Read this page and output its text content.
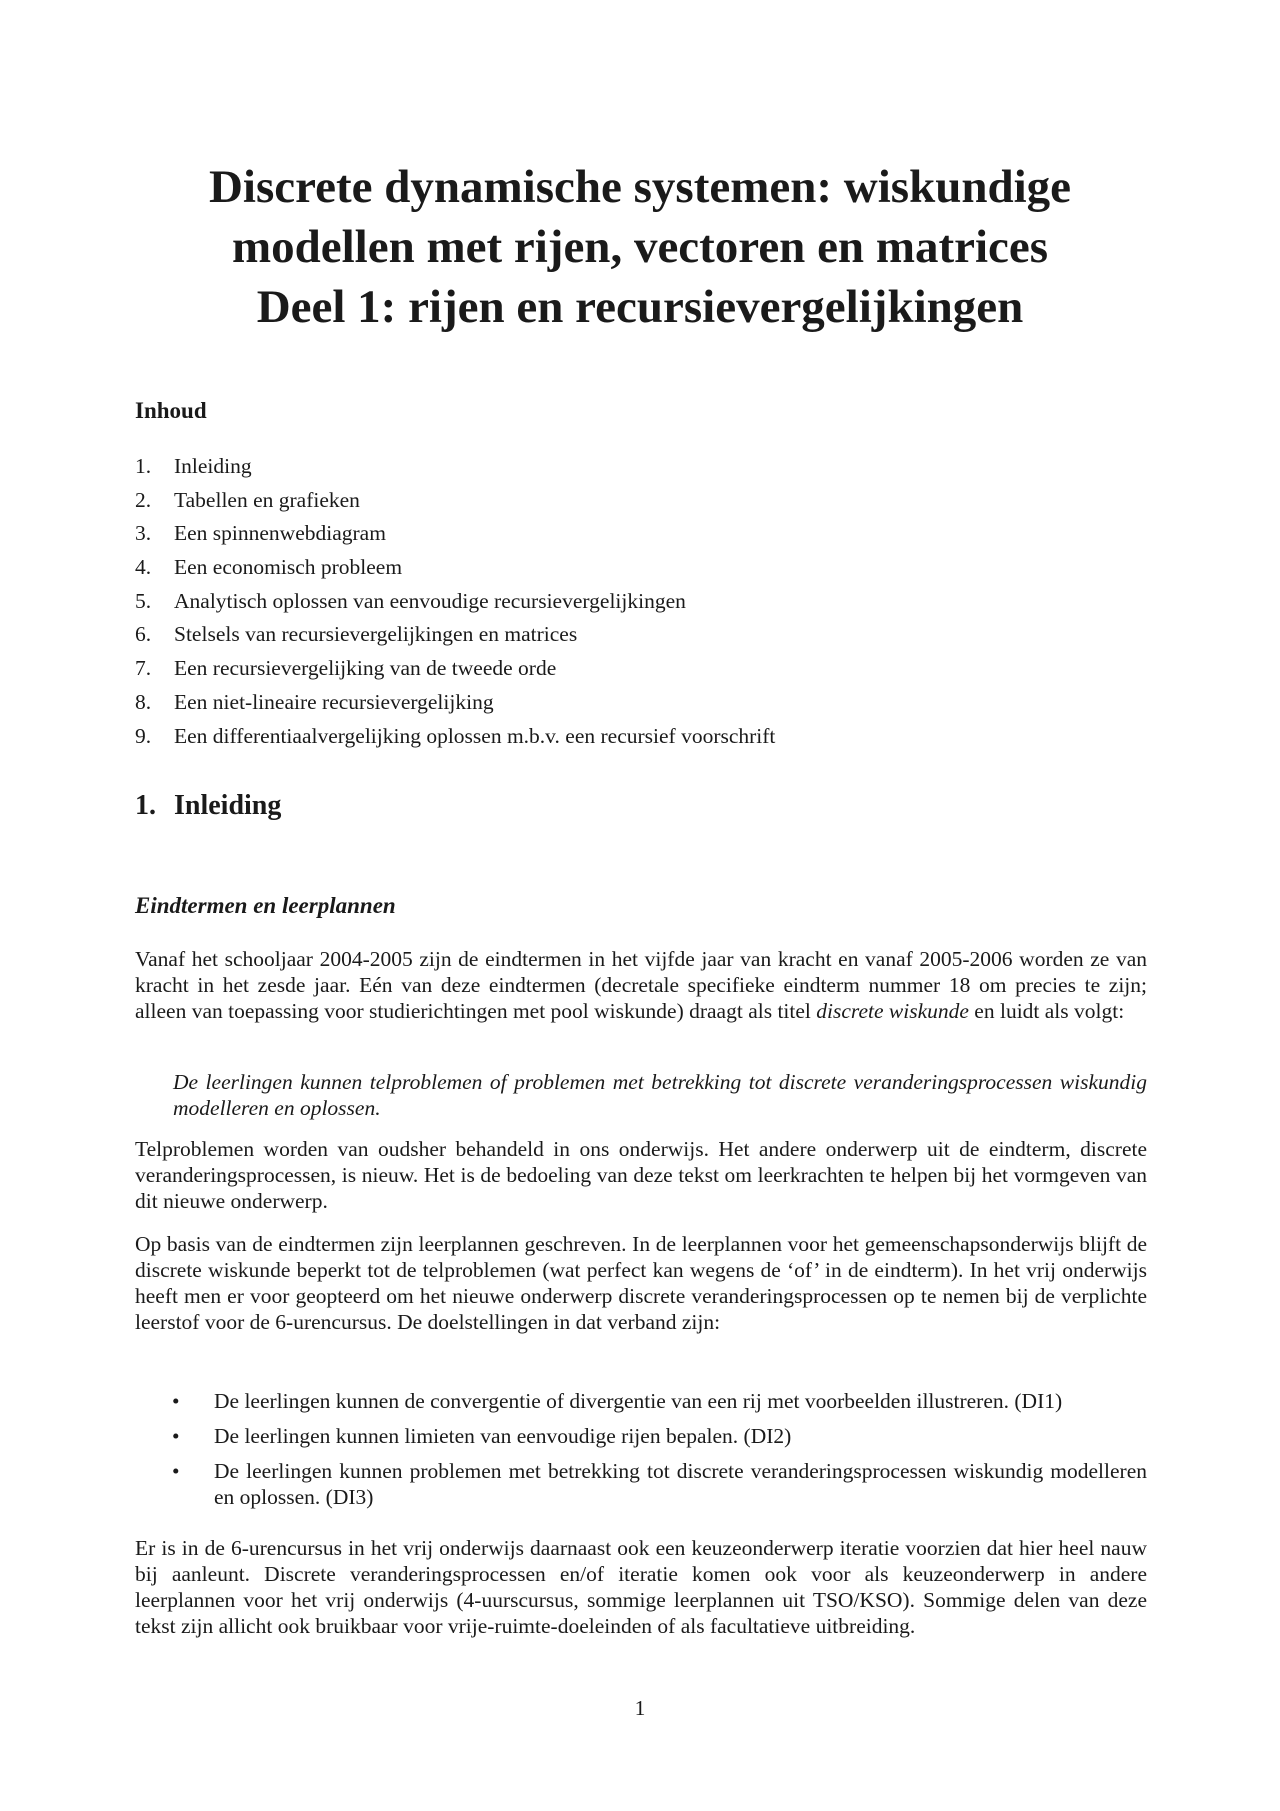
Discrete dynamische systemen: wiskundige
modellen met rijen, vectoren en matrices
Deel 1: rijen en recursievergelijkingen
Inhoud
1. Inleiding
2. Tabellen en grafieken
3. Een spinnenwebdiagram
4. Een economisch probleem
5. Analytisch oplossen van eenvoudige recursievergelijkingen
6. Stelsels van recursievergelijkingen en matrices
7. Een recursievergelijking van de tweede orde
8. Een niet-lineaire recursievergelijking
9. Een differentiaalvergelijking oplossen m.b.v. een recursief voorschrift
1. Inleiding
Eindtermen en leerplannen

Vanaf het schooljaar 2004-2005 zijn de eindtermen in het vijfde jaar van kracht en vanaf 2005-2006 worden ze van kracht in het zesde jaar. Eén van deze eindtermen (decretale specifieke eindterm nummer 18 om precies te zijn; alleen van toepassing voor studierichtingen met pool wiskunde) draagt als titel discrete wiskunde en luidt als volgt:

De leerlingen kunnen telproblemen of problemen met betrekking tot discrete veranderingsprocessen wiskundig modelleren en oplossen.

Telproblemen worden van oudsher behandeld in ons onderwijs. Het andere onderwerp uit de eindterm, discrete veranderingsprocessen, is nieuw. Het is de bedoeling van deze tekst om leerkrachten te helpen bij het vormgeven van dit nieuwe onderwerp.

Op basis van de eindtermen zijn leerplannen geschreven. In de leerplannen voor het gemeenschapsonderwijs blijft de discrete wiskunde beperkt tot de telproblemen (wat perfect kan wegens de ‘of’ in de eindterm). In het vrij onderwijs heeft men er voor geopteerd om het nieuwe onderwerp discrete veranderingsprocessen op te nemen bij de verplichte leerstof voor de 6-urencursus. De doelstellingen in dat verband zijn:

• De leerlingen kunnen de convergentie of divergentie van een rij met voorbeelden illustreren. (DI1)
• De leerlingen kunnen limieten van eenvoudige rijen bepalen. (DI2)
• De leerlingen kunnen problemen met betrekking tot discrete veranderingsprocessen wiskundig modelleren en oplossen. (DI3)

Er is in de 6-urencursus in het vrij onderwijs daarnaast ook een keuzeonderwerp iteratie voorzien dat hier heel nauw bij aanleunt. Discrete veranderingsprocessen en/of iteratie komen ook voor als keuzeonderwerp in andere leerplannen voor het vrij onderwijs (4-uurscursus, sommige leerplannen uit TSO/KSO). Sommige delen van deze tekst zijn allicht ook bruikbaar voor vrije-ruimte-doeleinden of als facultatieve uitbreiding.

1
